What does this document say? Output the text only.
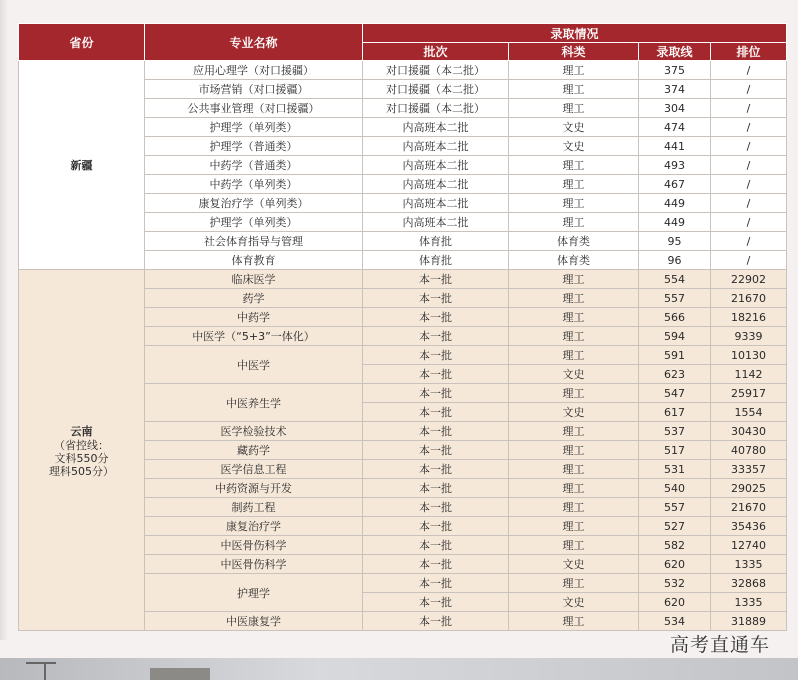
省份	专业名称	录取情况			
		批次	科类	录取线	排位
新疆	应用心理学（对口援疆）	对口援疆（本二批）	理工	375	/
	市场营销（对口援疆）	对口援疆（本二批）	理工	374	/
	公共事业管理（对口援疆）	对口援疆（本二批）	理工	304	/
	护理学（单列类）	内高班本二批	文史	474	/
	护理学（普通类）	内高班本二批	文史	441	/
	中药学（普通类）	内高班本二批	理工	493	/
	中药学（单列类）	内高班本二批	理工	467	/
	康复治疗学（单列类）	内高班本二批	理工	449	/
	护理学（单列类）	内高班本二批	理工	449	/
	社会体育指导与管理	体育批	体育类	95	/
	体育教育	体育批	体育类	96	/
云南
（省控线：
文科550分
理科505分）	临床医学	本一批	理工	554	22902
	药学	本一批	理工	557	21670
	中药学	本一批	理工	566	18216
	中医学（“5+3”一体化）	本一批	理工	594	9339
	中医学	本一批	理工	591	10130
		本一批	文史	623	1142
	中医养生学	本一批	理工	547	25917
		本一批	文史	617	1554
	医学检验技术	本一批	理工	537	30430
	藏药学	本一批	理工	517	40780
	医学信息工程	本一批	理工	531	33357
	中药资源与开发	本一批	理工	540	29025
	制药工程	本一批	理工	557	21670
	康复治疗学	本一批	理工	527	35436
	中医骨伤科学	本一批	理工	582	12740
	中医骨伤科学	本一批	文史	620	1335
	护理学	本一批	理工	532	32868
		本一批	文史	620	1335
	中医康复学	本一批	理工	534	31889
高考直通车
